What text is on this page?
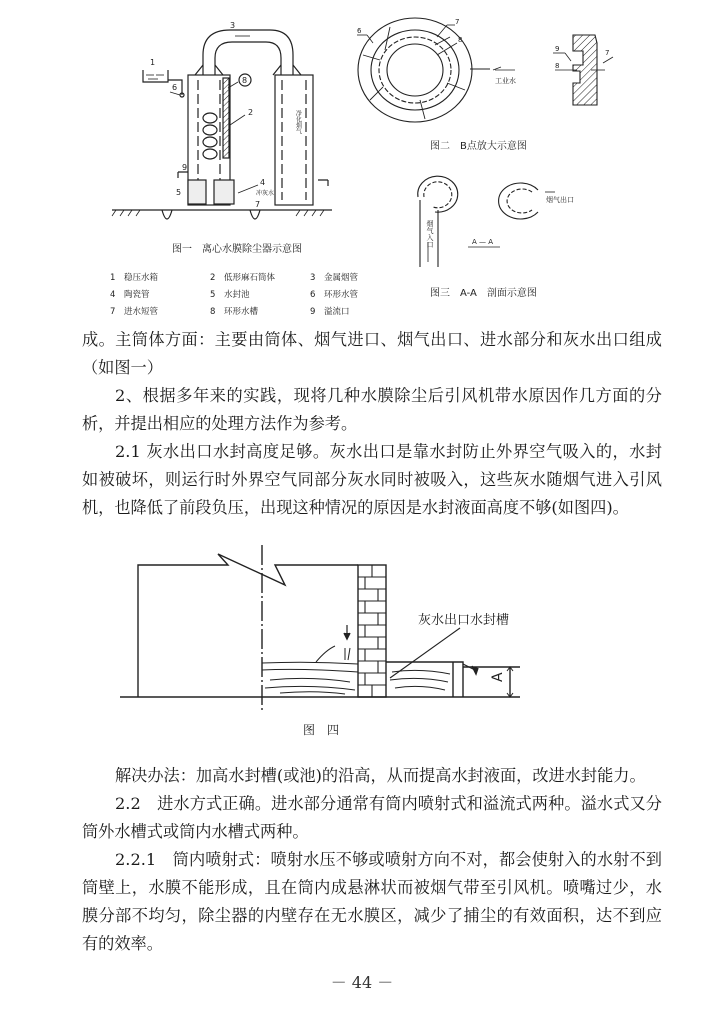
1
2
3
4
5
6
7
8
9
净化烟气
冲灰水
图一　离心水膜除尘器示意图
1 稳压水箱	2 低形麻石筒体	3 金属烟管
4 陶瓷管	5 水封池	6 环形水管
7 进水短管	8 环形水槽	9 溢流口
6
7
8
工业水
9
8
7
图二　B点放大示意图
烟气入口
烟气出口
A — A
图三　A-A　剖面示意图

成。主筒体方面：主要由筒体、烟气进口、烟气出口、进水部分和灰水出口组成（如图一）

2、根据多年来的实践，现将几种水膜除尘后引风机带水原因作几方面的分析，并提出相应的处理方法作为参考。

2.1 灰水出口水封高度足够。灰水出口是靠水封防止外界空气吸入的，水封如被破坏，则运行时外界空气同部分灰水同时被吸入，这些灰水随烟气进入引风机，也降低了前段负压，出现这种情况的原因是水封液面高度不够(如图四)。

A
灰水出口水封槽
图　四

解决办法：加高水封槽(或池)的沿高，从而提高水封液面，改进水封能力。

2.2　进水方式正确。进水部分通常有筒内喷射式和溢流式两种。溢水式又分筒外水槽式或筒内水槽式两种。

2.2.1　筒内喷射式：喷射水压不够或喷射方向不对，都会使射入的水射不到筒壁上，水膜不能形成，且在筒内成悬淋状而被烟气带至引风机。喷嘴过少，水膜分部不均匀，除尘器的内壁存在无水膜区，减少了捕尘的有效面积，达不到应有的效率。

－ 44 －
